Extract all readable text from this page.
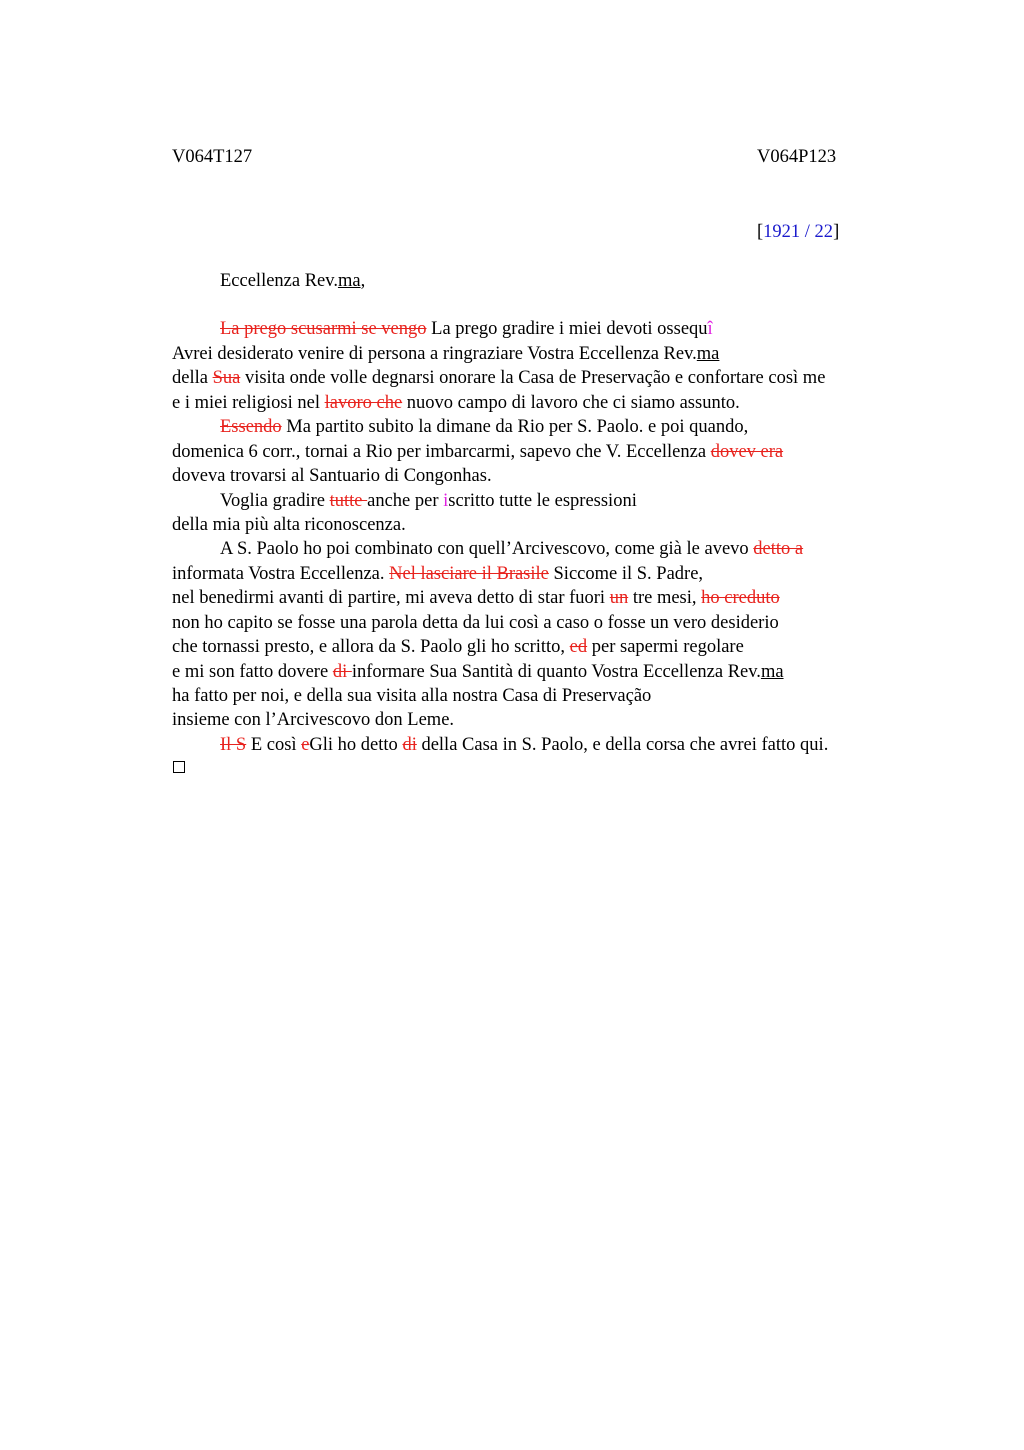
V064T127	V064P123
[1921 / 22]
Eccellenza Rev.ma,
La prego scusarmi se vengo La prego gradire i miei devoti ossequî
Avrei desiderato venire di persona a ringraziare Vostra Eccellenza Rev.ma
della Sua visita onde volle degnarsi onorare la Casa de Preservação e confortare così me
e i miei religiosi nel lavoro che nuovo campo di lavoro che ci siamo assunto.
Essendo Ma partito subito la dimane da Rio per S. Paolo. e poi quando,
domenica 6 corr., tornai a Rio per imbarcarmi, sapevo che V. Eccellenza dovev era
doveva trovarsi al Santuario di Congonhas.
Voglia gradire tutte anche per iscritto tutte le espressioni
della mia più alta riconoscenza.
A S. Paolo ho poi combinato con quell’Arcivescovo, come già le avevo detto a
informata Vostra Eccellenza. Nel lasciare il Brasile Siccome il S. Padre,
nel benedirmi avanti di partire, mi aveva detto di star fuori un tre mesi, ho creduto
non ho capito se fosse una parola detta da lui così a caso o fosse un vero desiderio
che tornassi presto, e allora da S. Paolo gli ho scritto, ed per sapermi regolare
e mi son fatto dovere di informare Sua Santità di quanto Vostra Eccellenza Rev.ma
ha fatto per noi, e della sua visita alla nostra Casa di Preservação
insieme con l’Arcivescovo don Leme.
Il S E così eGli ho detto di della Casa in S. Paolo, e della corsa che avrei fatto qui.
